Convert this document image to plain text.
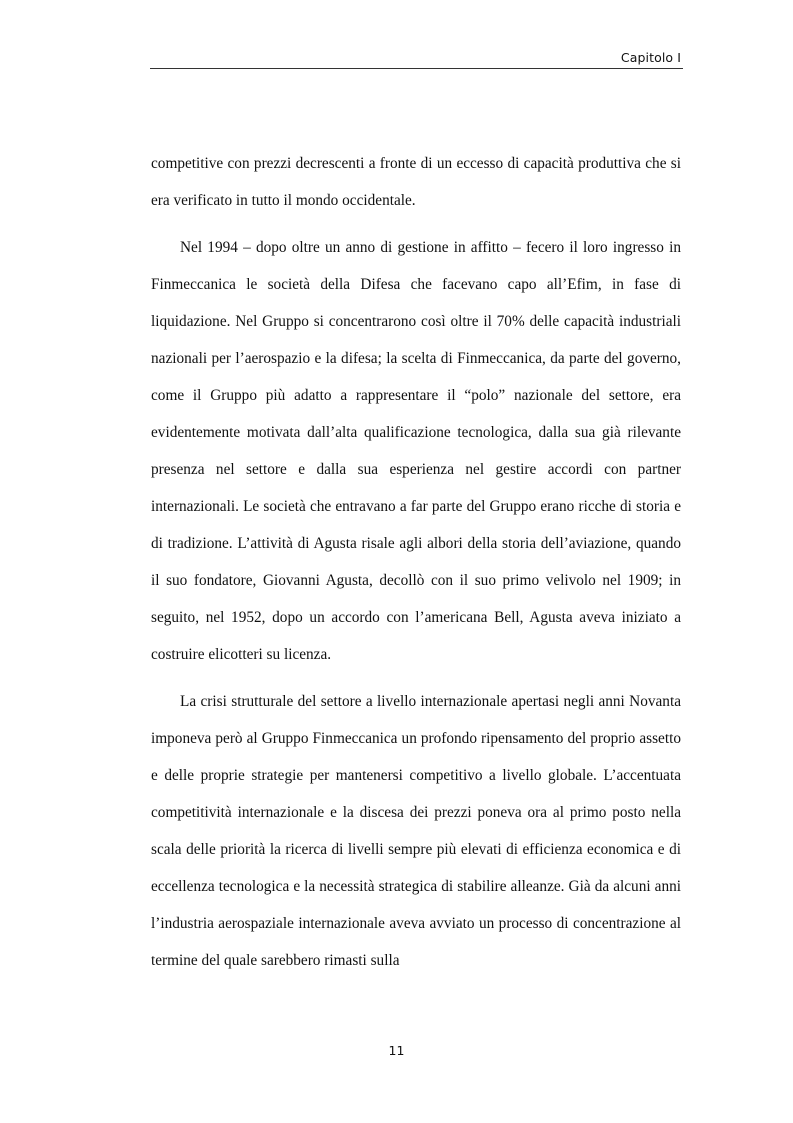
Capitolo I

competitive con prezzi decrescenti a fronte di un eccesso di capacità produttiva che si era verificato in tutto il mondo occidentale.

Nel 1994 – dopo oltre un anno di gestione in affitto – fecero il loro ingresso in Finmeccanica le società della Difesa che facevano capo all’Efim, in fase di liquidazione. Nel Gruppo si concentrarono così oltre il 70% delle capacità industriali nazionali per l’aerospazio e la difesa; la scelta di Finmeccanica, da parte del governo, come il Gruppo più adatto a rappresentare il “polo” nazionale del settore, era evidentemente motivata dall’alta qualificazione tecnologica, dalla sua già rilevante presenza nel settore e dalla sua esperienza nel gestire accordi con partner internazionali. Le società che entravano a far parte del Gruppo erano ricche di storia e di tradizione. L’attività di Agusta risale agli albori della storia dell’aviazione, quando il suo fondatore, Giovanni Agusta, decollò con il suo primo velivolo nel 1909; in seguito, nel 1952, dopo un accordo con l’americana Bell, Agusta aveva iniziato a costruire elicotteri su licenza.

La crisi strutturale del settore a livello internazionale apertasi negli anni Novanta imponeva però al Gruppo Finmeccanica un profondo ripensamento del proprio assetto e delle proprie strategie per mantenersi competitivo a livello globale. L’accentuata competitività internazionale e la discesa dei prezzi poneva ora al primo posto nella scala delle priorità la ricerca di livelli sempre più elevati di efficienza economica e di eccellenza tecnologica e la necessità strategica di stabilire alleanze. Già da alcuni anni l’industria aerospaziale internazionale aveva avviato un processo di concentrazione al termine del quale sarebbero rimasti sulla

11
